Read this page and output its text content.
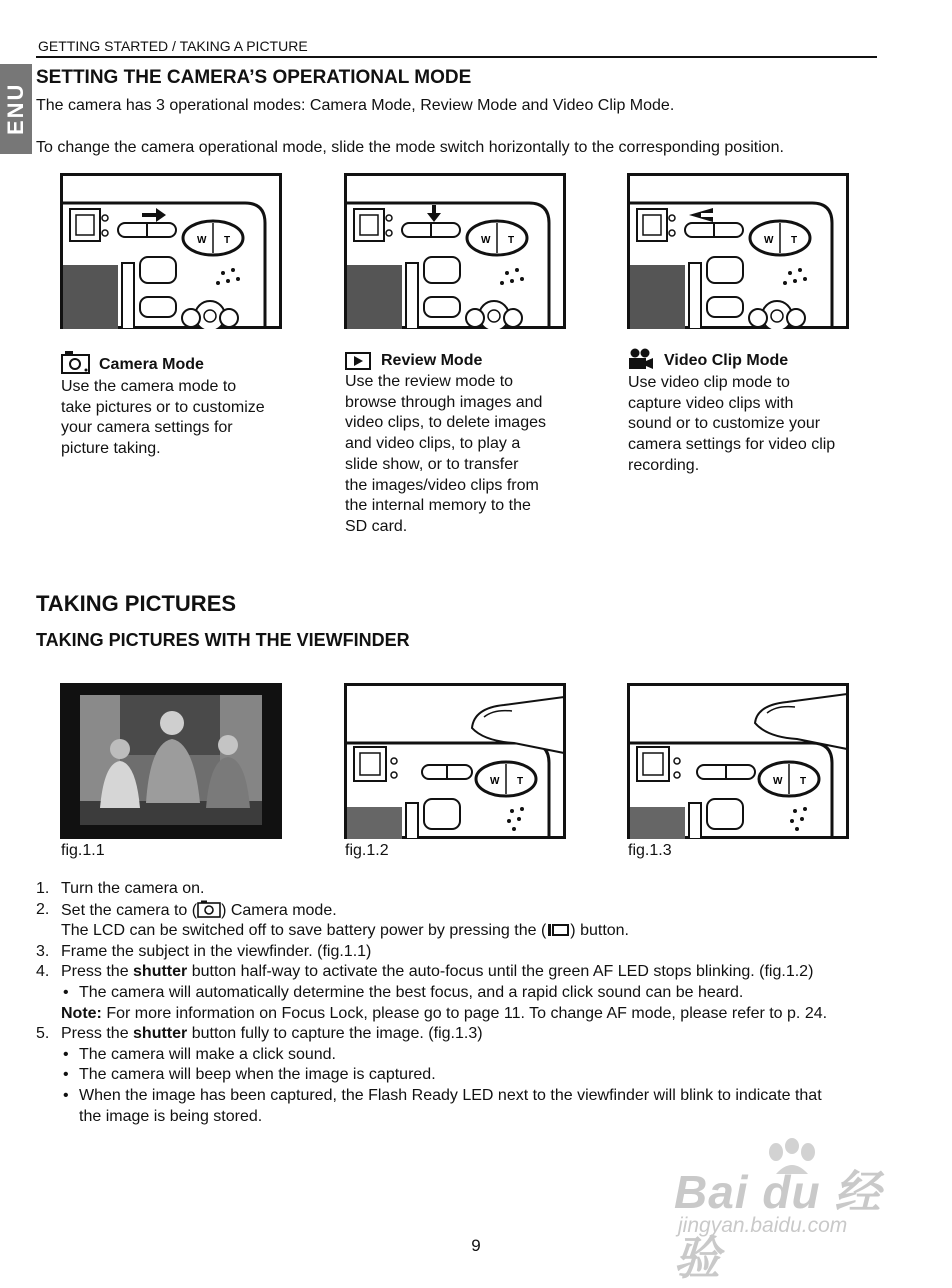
GETTING STARTED / TAKING A PICTURE
ENU
SETTING THE CAMERA’S OPERATIONAL MODE
The camera has 3 operational modes: Camera Mode, Review Mode and Video Clip Mode.
To change the camera operational mode, slide the mode switch horizontally to the corresponding position.
W T	W T	W T
Camera Mode
Use the camera mode to
take pictures or to customize
your camera settings for
picture taking.
Review Mode
Use the review mode to
browse through images and
video clips, to delete images
and video clips, to play a
slide show, or to transfer
the images/video clips from
the internal memory to the
SD card.
Video Clip Mode
Use video clip mode to
capture video clips with
sound or to customize your
camera settings for video clip
recording.
TAKING PICTURES
TAKING PICTURES WITH THE VIEWFINDER
W T	W T
fig.1.1	fig.1.2	fig.1.3
1. Turn the camera on.
2. Set the camera to ( ) Camera mode.
The LCD can be switched off to save battery power by pressing the ( ) button.
3. Frame the subject in the viewfinder. (fig.1.1)
4. Press the shutter button half-way to activate the auto-focus until the green AF LED stops blinking. (fig.1.2)
• The camera will automatically determine the best focus, and a rapid click sound can be heard.
Note: For more information on Focus Lock, please go to page 11. To change AF mode, please refer to p. 24.
5. Press the shutter button fully to capture the image. (fig.1.3)
• The camera will make a click sound.
• The camera will beep when the image is captured.
• When the image has been captured, the Flash Ready LED next to the viewfinder will blink to indicate that
the image is being stored.
Bai du 经验
jingyan.baidu.com
9
